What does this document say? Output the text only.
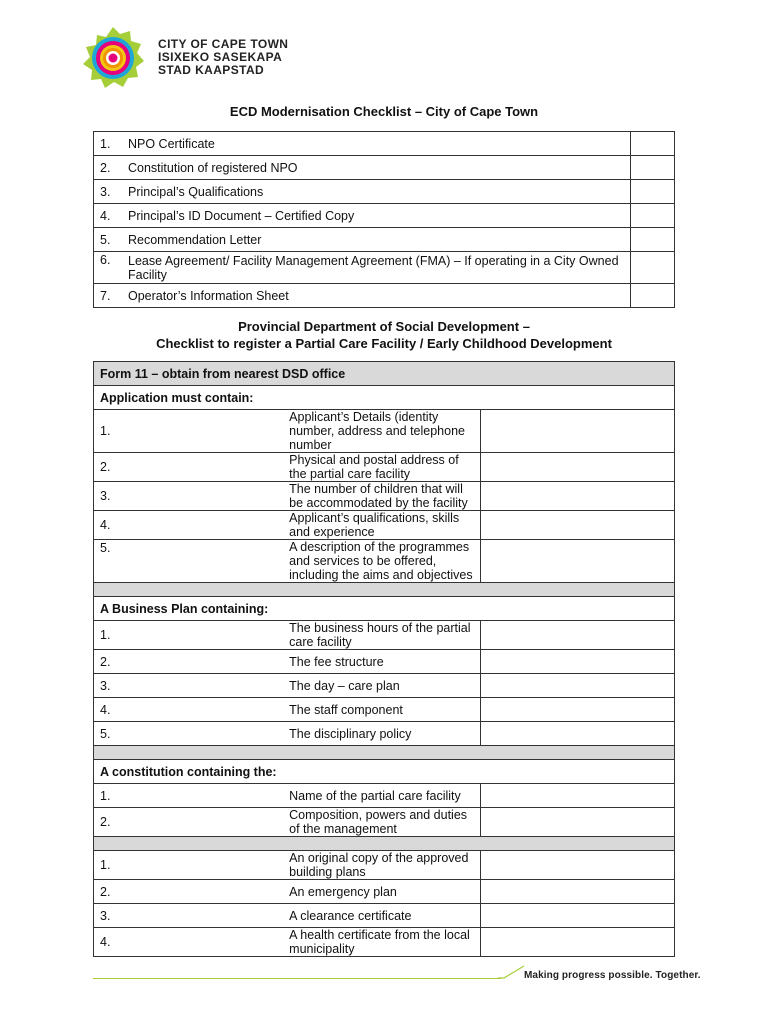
CITY OF CAPE TOWN
ISIXEKO SASEKAPA
STAD KAAPSTAD
ECD Modernisation Checklist – City of Cape Town
1.	NPO Certificate	
2.	Constitution of registered NPO	
3.	Principal’s Qualifications	
4.	Principal’s ID Document – Certified Copy	
5.	Recommendation Letter	
6.	Lease Agreement/ Facility Management Agreement (FMA) – If operating in a City Owned Facility	
7.	Operator’s Information Sheet	
Provincial Department of Social Development –
Checklist to register a Partial Care Facility / Early Childhood Development
Form 11 – obtain from nearest DSD office		
Application must contain:		
1.	Applicant’s Details (identity number, address and telephone number	
2.	Physical and postal address of the partial care facility	
3.	The number of children that will be accommodated by the facility	
4.	Applicant’s qualifications, skills and experience	
5.	A description of the programmes and services to be offered, including the aims and objectives	

A Business Plan containing:		
1.	The business hours of the partial care facility	
2.	The fee structure	
3.	The day – care plan	
4.	The staff component	
5.	The disciplinary policy	

A constitution containing the:		
1.	Name of the partial care facility	
2.	Composition, powers and duties of the management	

1.	An original copy of the approved building plans	
2.	An emergency plan	
3.	A clearance certificate	
4.	A health certificate from the local municipality	
Making progress possible. Together.
